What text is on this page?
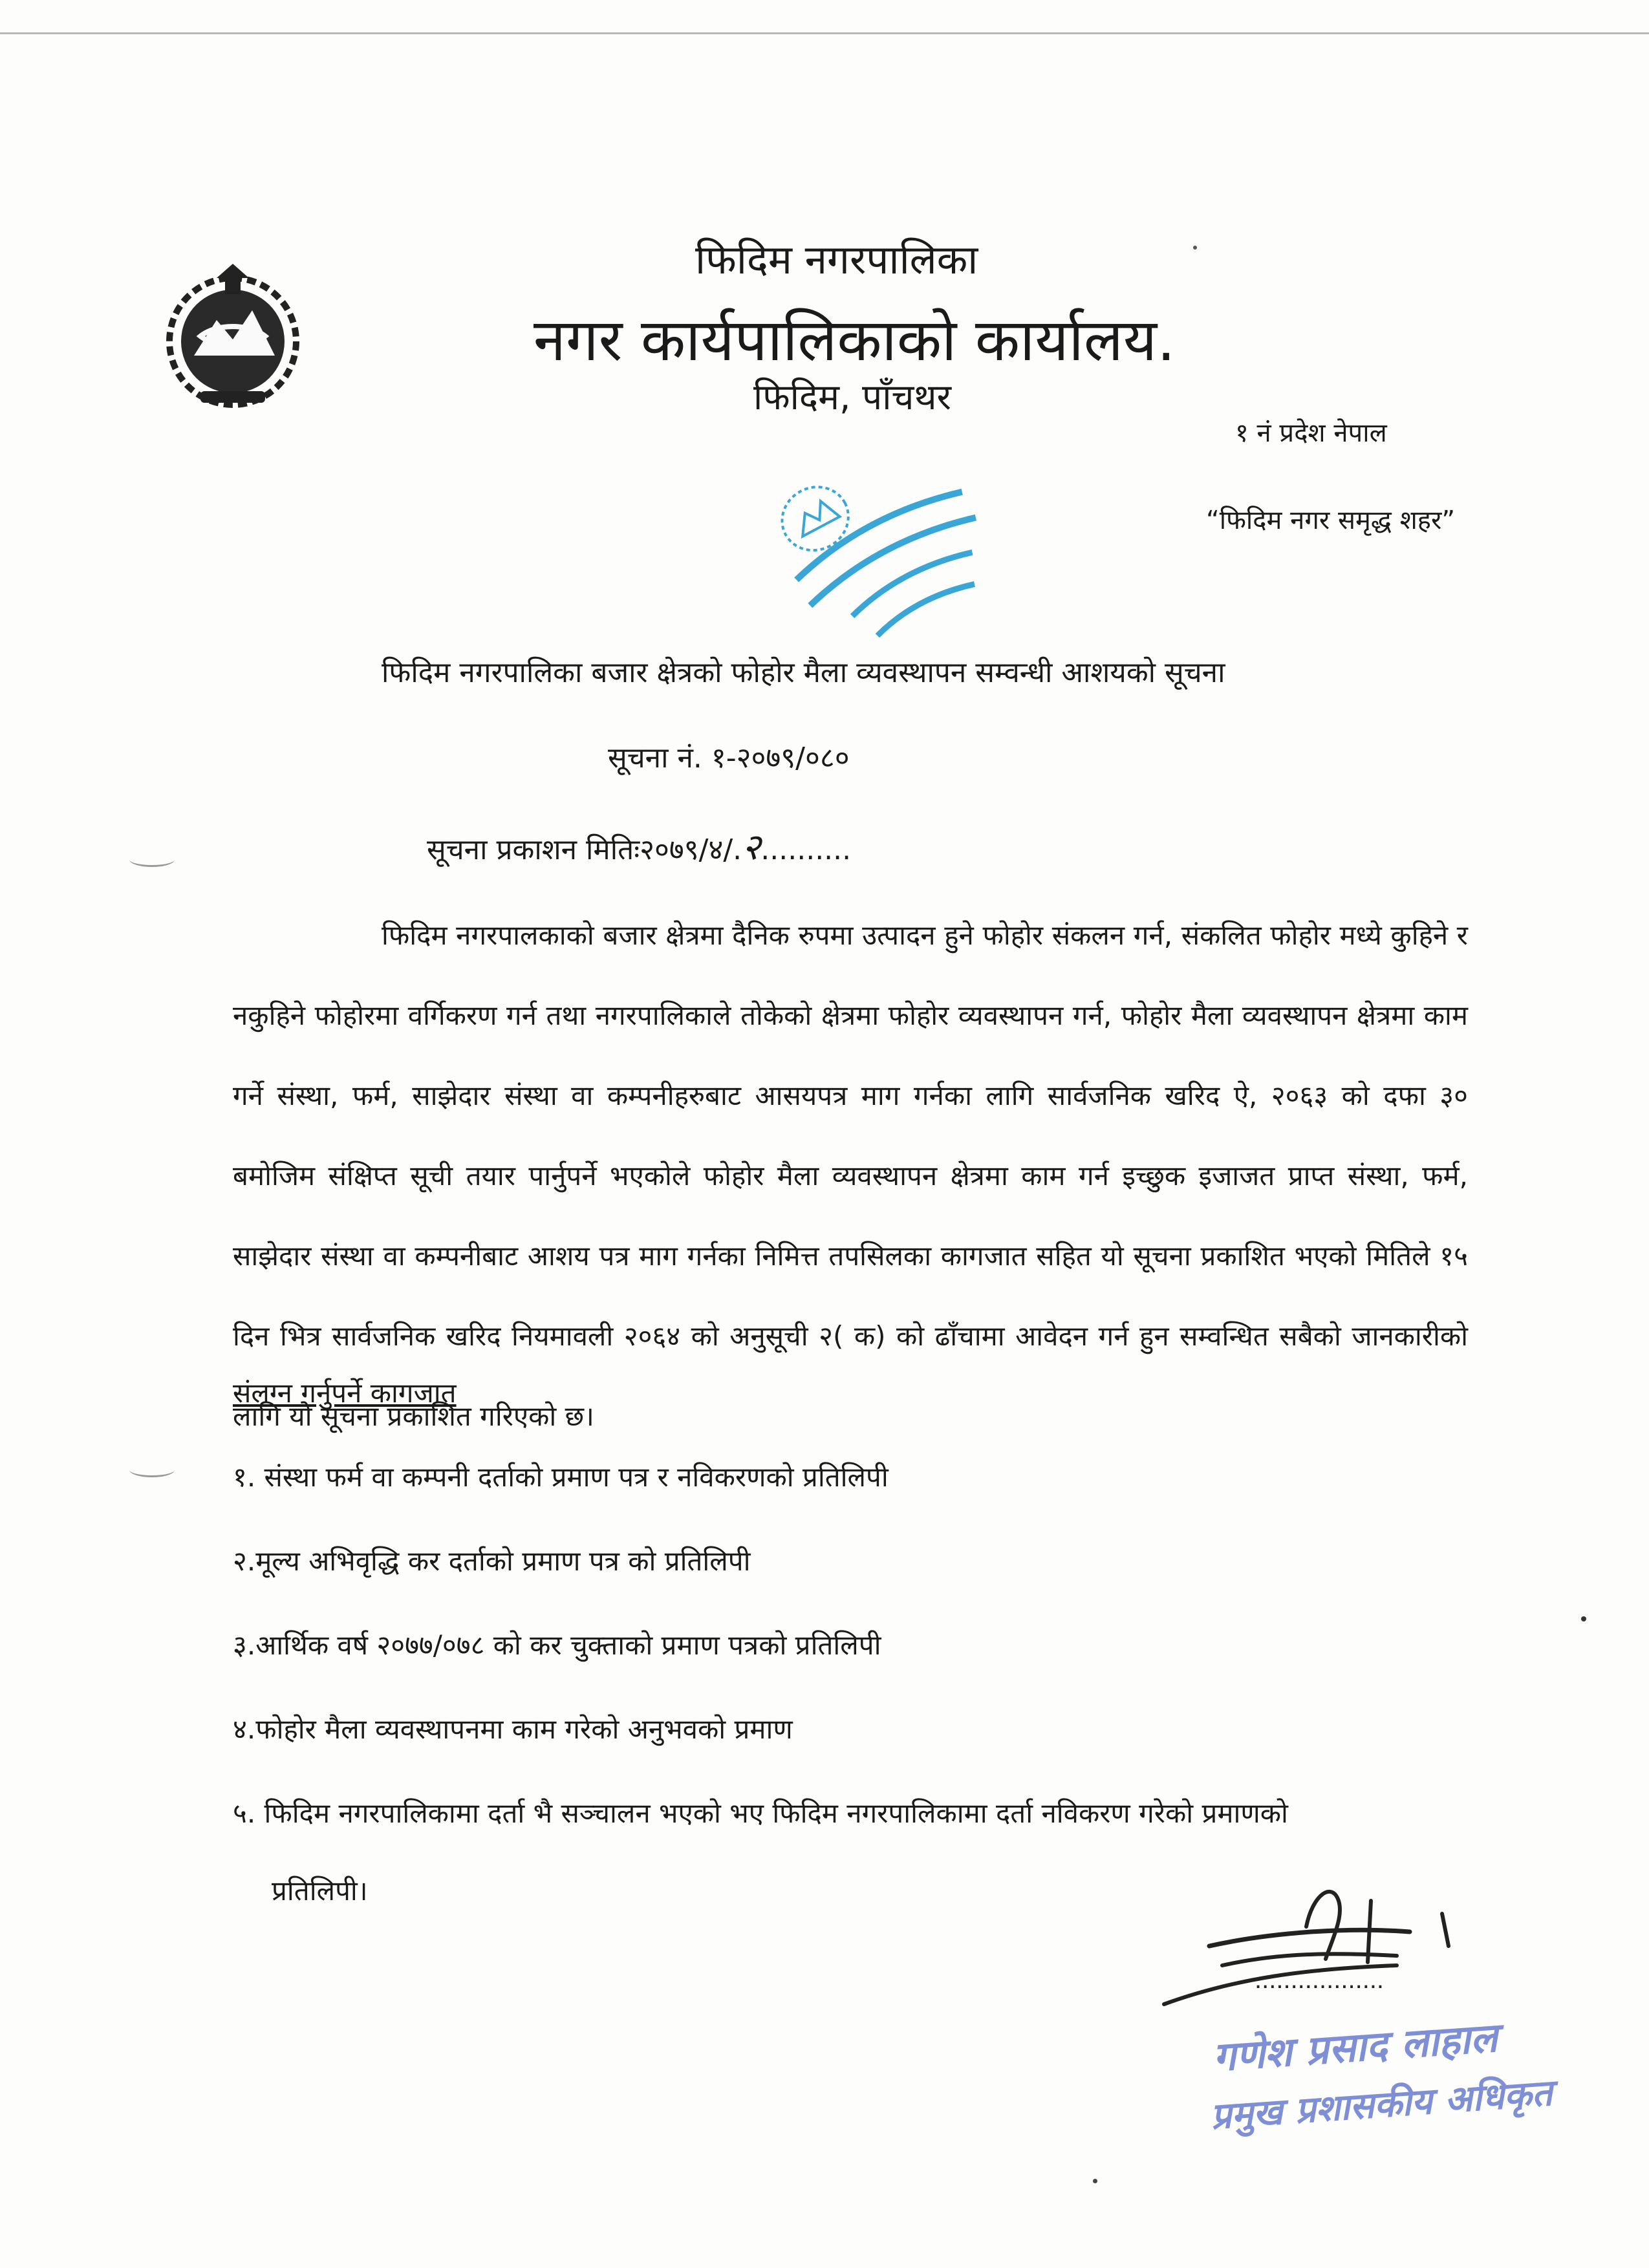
फिदिम नगरपालिका
नगर कार्यपालिकाको कार्यालय.
फिदिम, पाँचथर
१ नं प्रदेश नेपाल
“फिदिम नगर समृद्ध शहर”
फिदिम नगरपालिका बजार क्षेत्रको फोहोर मैला व्यवस्थापन सम्वन्धी आशयको सूचना
सूचना नं. १-२०७९/०८०
सूचना प्रकाशन मितिः२०७९/४/.२..........

फिदिम नगरपालकाको बजार क्षेत्रमा दैनिक रुपमा उत्पादन हुने फोहोर संकलन गर्न, संकलित फोहोर मध्ये कुहिने र नकुहिने फोहोरमा वर्गिकरण गर्न तथा नगरपालिकाले तोकेको क्षेत्रमा फोहोर व्यवस्थापन गर्न, फोहोर मैला व्यवस्थापन क्षेत्रमा काम गर्ने संस्था, फर्म, साझेदार संस्था वा कम्पनीहरुबाट आसयपत्र माग गर्नका लागि सार्वजनिक खरिद ऐ, २०६३ को दफा ३० बमोजिम संक्षिप्त सूची तयार पार्नुपर्ने भएकोले फोहोर मैला व्यवस्थापन क्षेत्रमा काम गर्न इच्छुक इजाजत प्राप्त संस्था, फर्म, साझेदार संस्था वा कम्पनीबाट आशय पत्र माग गर्नका निमित्त तपसिलका कागजात सहित यो सूचना प्रकाशित भएको मितिले १५ दिन भित्र सार्वजनिक खरिद नियमावली २०६४ को अनुसूची २( क) को ढाँचामा आवेदन गर्न हुन सम्वन्धित सबैको जानकारीको लागि यो सूचना प्रकाशित गरिएको छ।

संलग्न गर्नुपर्ने कागजात
१. संस्था फर्म वा कम्पनी दर्ताको प्रमाण पत्र र नविकरणको प्रतिलिपी
२.मूल्य अभिवृद्धि कर दर्ताको प्रमाण पत्र को प्रतिलिपी
३.आर्थिक वर्ष २०७७/०७८ को कर चुक्ताको प्रमाण पत्रको प्रतिलिपी
४.फोहोर मैला व्यवस्थापनमा काम गरेको अनुभवको प्रमाण
५. फिदिम नगरपालिकामा दर्ता भै सञ्चालन भएको भए फिदिम नगरपालिकामा दर्ता नविकरण गरेको प्रमाणको
प्रतिलिपी।
..................
गणेश प्रसाद लाहाल
प्रमुख प्रशासकीय अधिकृत
